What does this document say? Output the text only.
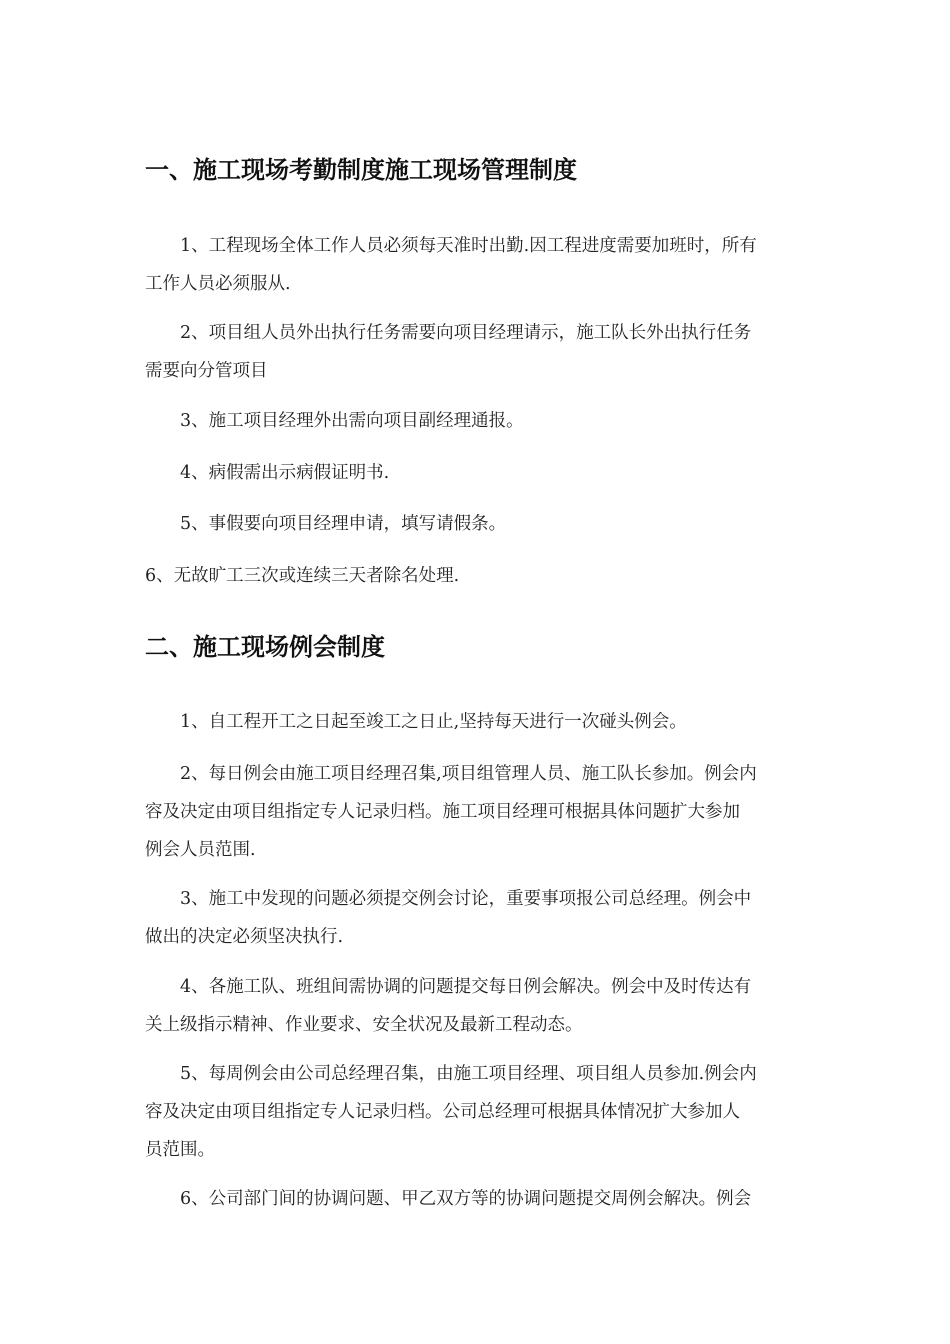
一、施工现场考勤制度施工现场管理制度
1、工程现场全体工作人员必须每天准时出勤.因工程进度需要加班时，所有
工作人员必须服从.
2、项目组人员外出执行任务需要向项目经理请示，施工队长外出执行任务
需要向分管项目
3、施工项目经理外出需向项目副经理通报。
4、病假需出示病假证明书.
5、事假要向项目经理申请，填写请假条。
6、无故旷工三次或连续三天者除名处理.
二、施工现场例会制度
1、自工程开工之日起至竣工之日止,坚持每天进行一次碰头例会。
2、每日例会由施工项目经理召集,项目组管理人员、施工队长参加。例会内
容及决定由项目组指定专人记录归档。施工项目经理可根据具体问题扩大参加
例会人员范围.
3、施工中发现的问题必须提交例会讨论，重要事项报公司总经理。例会中
做出的决定必须坚决执行.
4、各施工队、班组间需协调的问题提交每日例会解决。例会中及时传达有
关上级指示精神、作业要求、安全状况及最新工程动态。
5、每周例会由公司总经理召集，由施工项目经理、项目组人员参加.例会内
容及决定由项目组指定专人记录归档。公司总经理可根据具体情况扩大参加人
员范围。
6、公司部门间的协调问题、甲乙双方等的协调问题提交周例会解决。例会
